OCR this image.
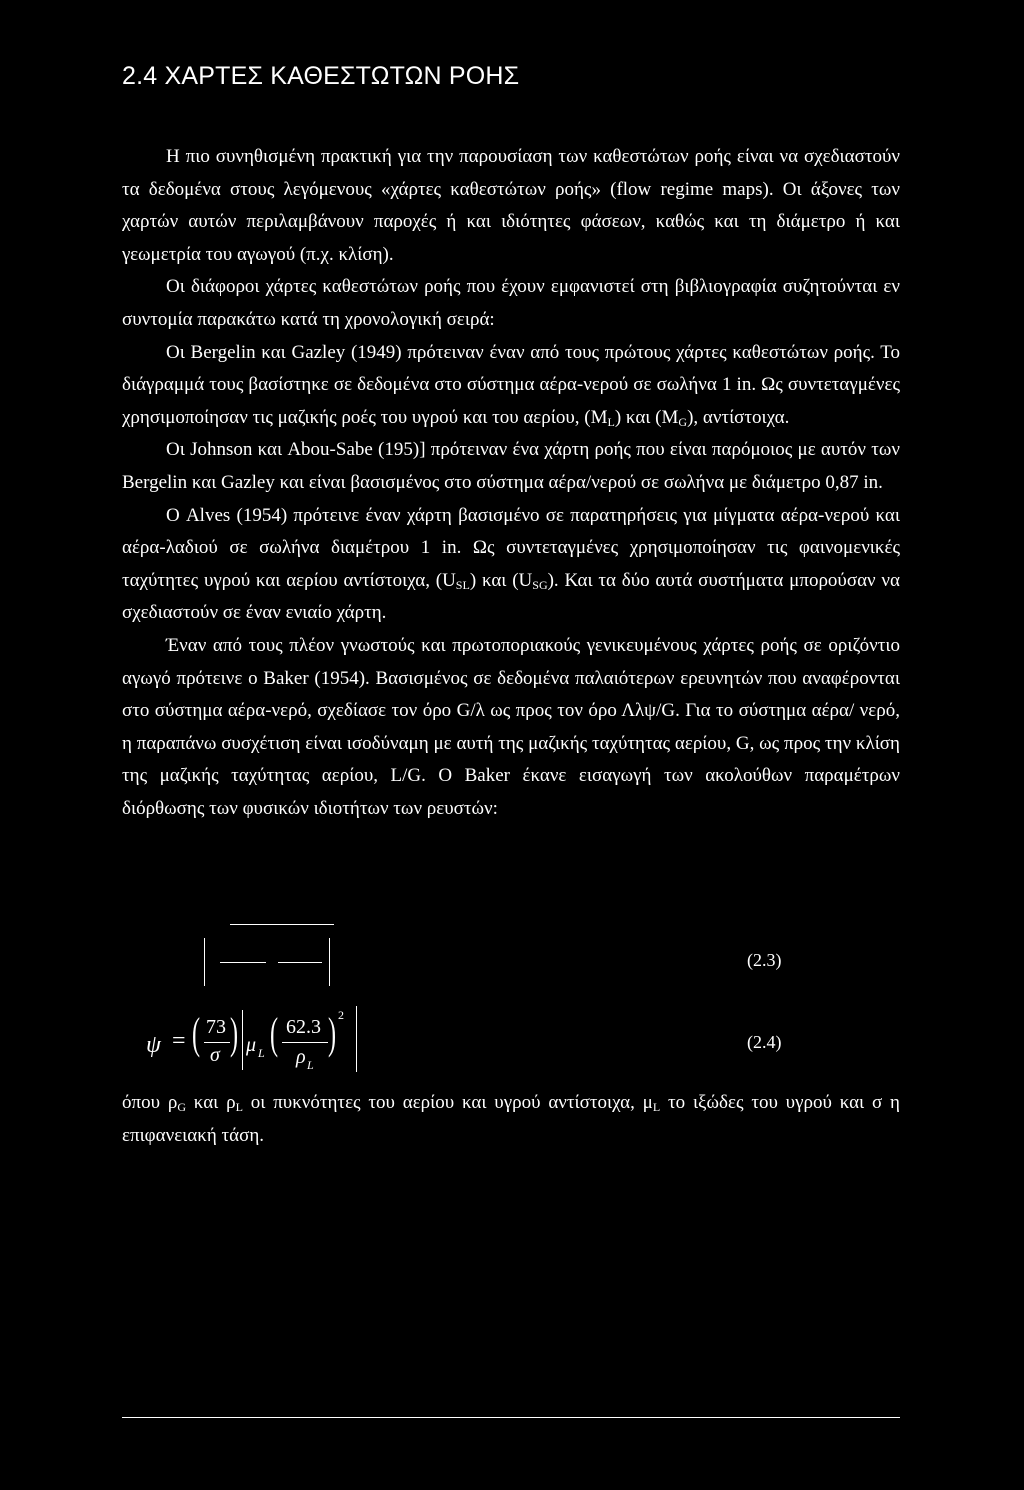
2.4 ΧΑΡΤΕΣ ΚΑΘΕΣΤΩΤΩΝ ΡΟΗΣ

Η πιο συνηθισμένη πρακτική για την παρουσίαση των καθεστώτων ροής είναι να σχεδιαστούν τα δεδομένα στους λεγόμενους «χάρτες καθεστώτων ροής» (flow regime maps). Οι άξονες των χαρτών αυτών περιλαμβάνουν παροχές ή και ιδιότητες φάσεων, καθώς και τη διάμετρο ή και γεωμετρία του αγωγού (π.χ. κλίση).

Οι διάφοροι χάρτες καθεστώτων ροής που έχουν εμφανιστεί στη βιβλιογραφία συζητούνται εν συντομία παρακάτω κατά τη χρονολογική σειρά:

Οι Bergelin και Gazley (1949) πρότειναν έναν από τους πρώτους χάρτες καθεστώτων ροής. Το διάγραμμά τους βασίστηκε σε δεδομένα στο σύστημα αέρα-νερού σε σωλήνα 1 in. Ως συντεταγμένες χρησιμοποίησαν τις μαζικής ροές του υγρού και του αερίου, $(M_L)$ και $(M_G)$, αντίστοιχα.

Οι Johnson και Abou-Sabe (195)] πρότειναν ένα χάρτη ροής που είναι παρόμοιος με αυτόν των Bergelin και Gazley και είναι βασισμένος στο σύστημα αέρα/νερού σε σωλήνα με διάμετρο 0,87 in.

Ο Alves (1954) πρότεινε έναν χάρτη βασισμένο σε παρατηρήσεις για μίγματα αέρα-νερού και αέρα-λαδιού σε σωλήνα διαμέτρου 1 in. Ως συντεταγμένες χρησιμοποίησαν τις φαινομενικές ταχύτητες υγρού και αερίου αντίστοιχα, $(U_{SL})$ και $(U_{SG})$. Και τα δύο αυτά συστήματα μπορούσαν να σχεδιαστούν σε έναν ενιαίο χάρτη.

Έναν από τους πλέον γνωστούς και πρωτοποριακούς γενικευμένους χάρτες ροής σε οριζόντιο αγωγό πρότεινε ο Baker (1954). Βασισμένος σε δεδομένα παλαιότερων ερευνητών που αναφέρονται στο σύστημα αέρα-νερό, σχεδίασε τον όρο G/λ ως προς τον όρο Λλψ/G. Για το σύστημα αέρα/ νερό, η παραπάνω συσχέτιση είναι ισοδύναμη με αυτή της μαζικής ταχύτητας αερίου, G, ως προς την κλίση της μαζικής ταχύτητας αερίου, L/G. Ο Baker έκανε εισαγωγή των ακολούθων παραμέτρων διόρθωσης των φυσικών ιδιοτήτων των ρευστών:

(2.3)
ψ = ( 73
σ ) μ L ( 62.3
ρ L
) 2
(2.4)

όπου $\rho_G$ και $\rho_L$ οι πυκνότητες του αερίου και υγρού αντίστοιχα, $\mu_L$ το ιξώδες του υγρού και σ η επιφανειακή τάση.
